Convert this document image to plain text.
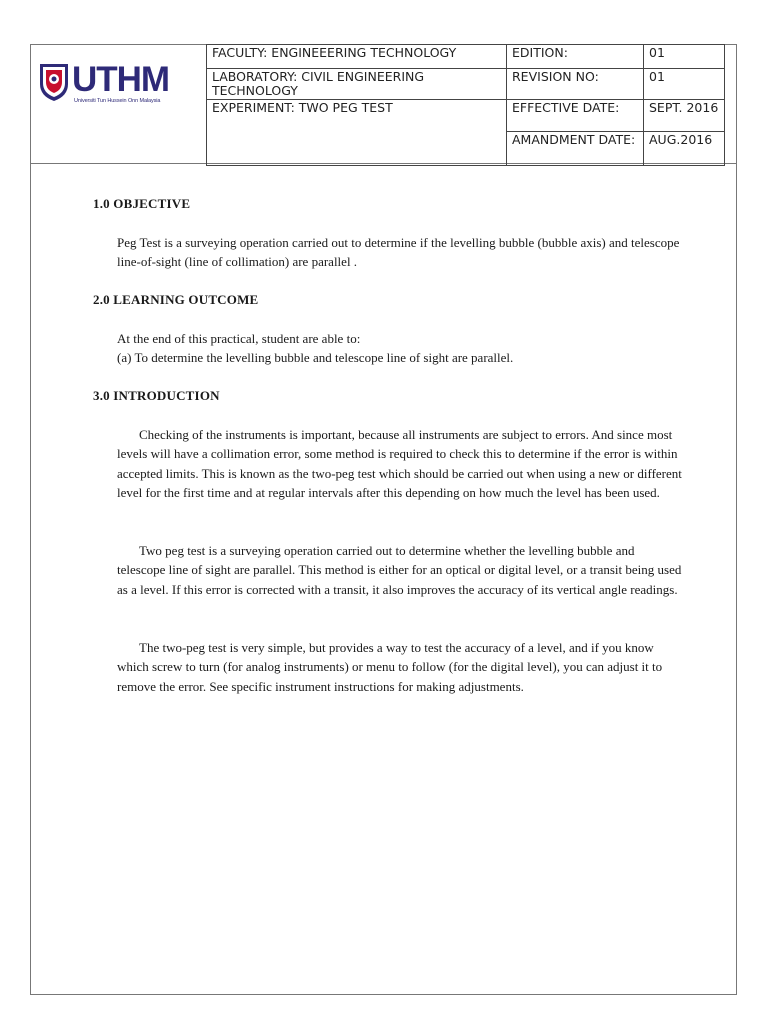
UTHM
Universiti Tun Hussein Onn Malaysia
FACULTY: ENGINEEERING TECHNOLOGY	EDITION:	01
LABORATORY: CIVIL ENGINEERING TECHNOLOGY	REVISION NO:	01
EXPERIMENT: TWO PEG TEST	EFFECTIVE DATE:	SEPT. 2016
	AMANDMENT DATE:	AUG.2016
1.0 OBJECTIVE
Peg Test is a surveying operation carried out to determine if the levelling bubble (bubble axis) and telescope line-of-sight (line of collimation) are parallel .
2.0 LEARNING OUTCOME
At the end of this practical, student are able to:
(a) To determine the levelling bubble and telescope line of sight are parallel.
3.0 INTRODUCTION
Checking of the instruments is important, because all instruments are subject to errors. And since most levels will have a collimation error, some method is required to check this to determine if the error is within accepted limits. This is known as the two-peg test which should be carried out when using a new or different level for the first time and at regular intervals after this depending on how much the level has been used.
Two peg test is a surveying operation carried out to determine whether the levelling bubble and telescope line of sight are parallel. This method is either for an optical or digital level, or a transit being used as a level. If this error is corrected with a transit, it also improves the accuracy of its vertical angle readings.
The two-peg test is very simple, but provides a way to test the accuracy of a level, and if you know which screw to turn (for analog instruments) or menu to follow (for the digital level), you can adjust it to remove the error. See specific instrument instructions for making adjustments.
